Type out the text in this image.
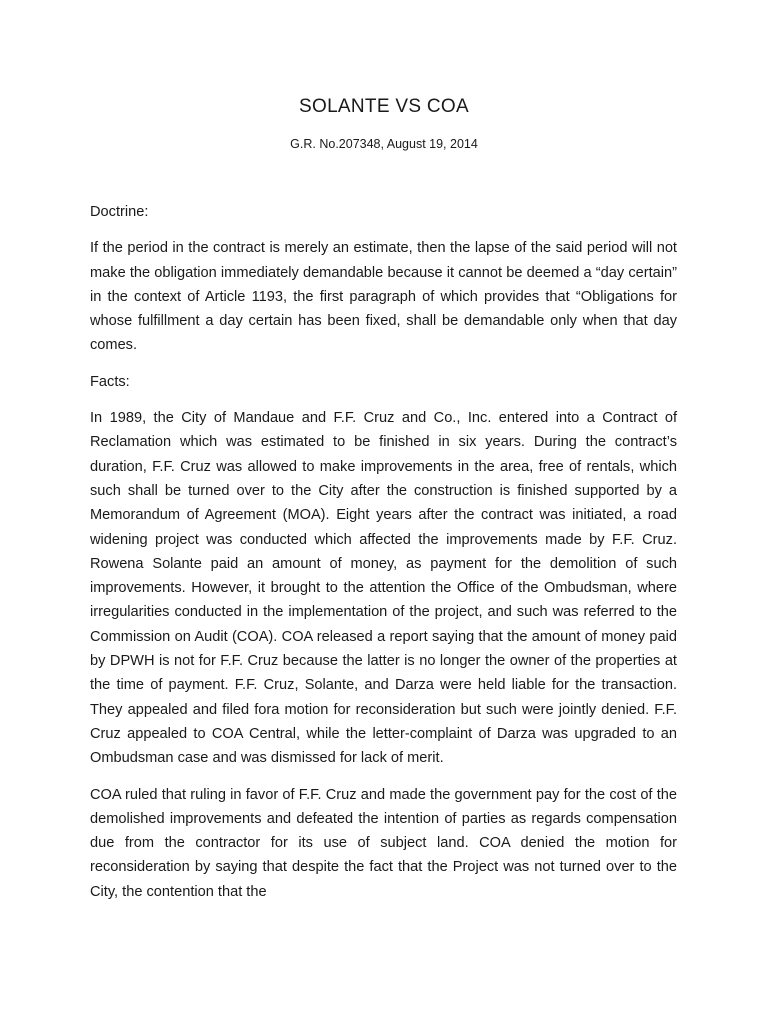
SOLANTE VS COA
G.R. No.207348, August 19, 2014

Doctrine:

If the period in the contract is merely an estimate, then the lapse of the said period will not make the obligation immediately demandable because it cannot be deemed a “day certain” in the context of Article 1193, the first paragraph of which provides that “Obligations for whose fulfillment a day certain has been fixed, shall be demandable only when that day comes.

Facts:

In 1989, the City of Mandaue and F.F. Cruz and Co., Inc. entered into a Contract of Reclamation which was estimated to be finished in six years. During the contract’s duration, F.F. Cruz was allowed to make improvements in the area, free of rentals, which such shall be turned over to the City after the construction is finished supported by a Memorandum of Agreement (MOA). Eight years after the contract was initiated, a road widening project was conducted which affected the improvements made by F.F. Cruz. Rowena Solante paid an amount of money, as payment for the demolition of such improvements. However, it brought to the attention the Office of the Ombudsman, where irregularities conducted in the implementation of the project, and such was referred to the Commission on Audit (COA). COA released a report saying that the amount of money paid by DPWH is not for F.F. Cruz because the latter is no longer the owner of the properties at the time of payment. F.F. Cruz, Solante, and Darza were held liable for the transaction. They appealed and filed fora motion for reconsideration but such were jointly denied. F.F. Cruz appealed to COA Central, while the letter-complaint of Darza was upgraded to an Ombudsman case and was dismissed for lack of merit.

COA ruled that ruling in favor of F.F. Cruz and made the government pay for the cost of the demolished improvements and defeated the intention of parties as regards compensation due from the contractor for its use of subject land. COA denied the motion for reconsideration by saying that despite the fact that the Project was not turned over to the City, the contention that the
